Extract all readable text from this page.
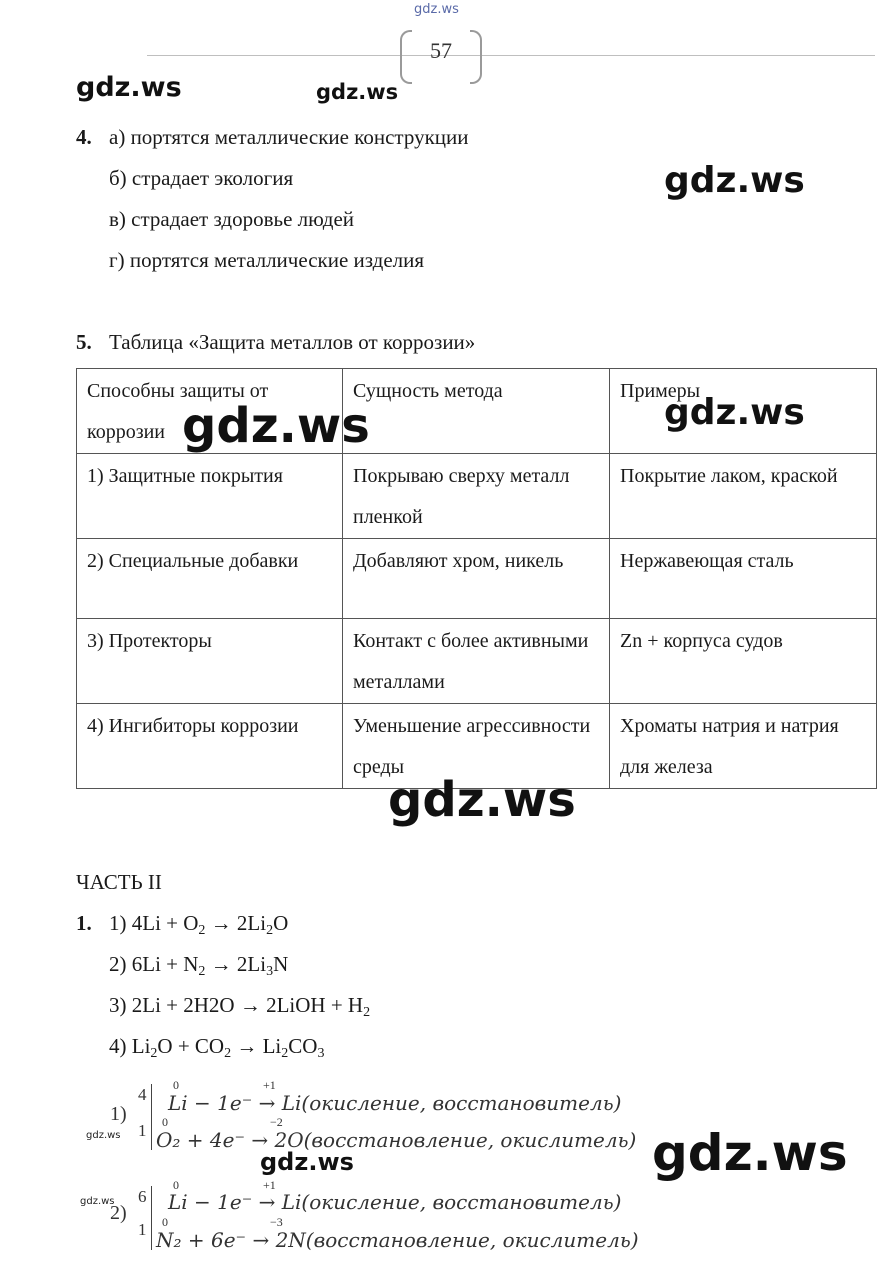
gdz.ws
57
gdz.ws	gdz.ws
gdz.ws
4. а) портятся металлические конструкции
б) страдает экология
в) страдает здоровье людей
г) портятся металлические изделия
5. Таблица «Защита металлов от коррозии»
Способны защиты от коррозии	Сущность метода	Примеры
1) Защитные покрытия	Покрываю сверху металл пленкой	Покрытие лаком, краской
2) Специальные добавки	Добавляют хром, никель	Нержавеющая сталь
3) Протекторы	Контакт с более активными металлами	Zn + корпуса судов
4) Ингибиторы коррозии	Уменьшение агрессивности среды	Хроматы натрия и натрия для железа
gdz.ws	gdz.ws
gdz.ws
ЧАСТЬ II
1. 1) $4Li + O_2 \to 2Li_2O$
2) $6Li + N_2 \to 2Li_3N$
3) 2Li + 2H2O → 2LiOH + $H_2$
4) $Li_2O + CO_2 \to Li_2CO_3$
gdz.ws
1)
4
1
0	+1
Li − 1e⁻ → Li(окисление, восстановитель)
0	−2
O₂ + 4e⁻ → 2O(восстановление, окислитель)
gdz.ws	gdz.ws
gdz.ws
2)
6
1
0	+1
Li − 1e⁻ → Li(окисление, восстановитель)
0	−3
N₂ + 6e⁻ → 2N(восстановление, окислитель)
